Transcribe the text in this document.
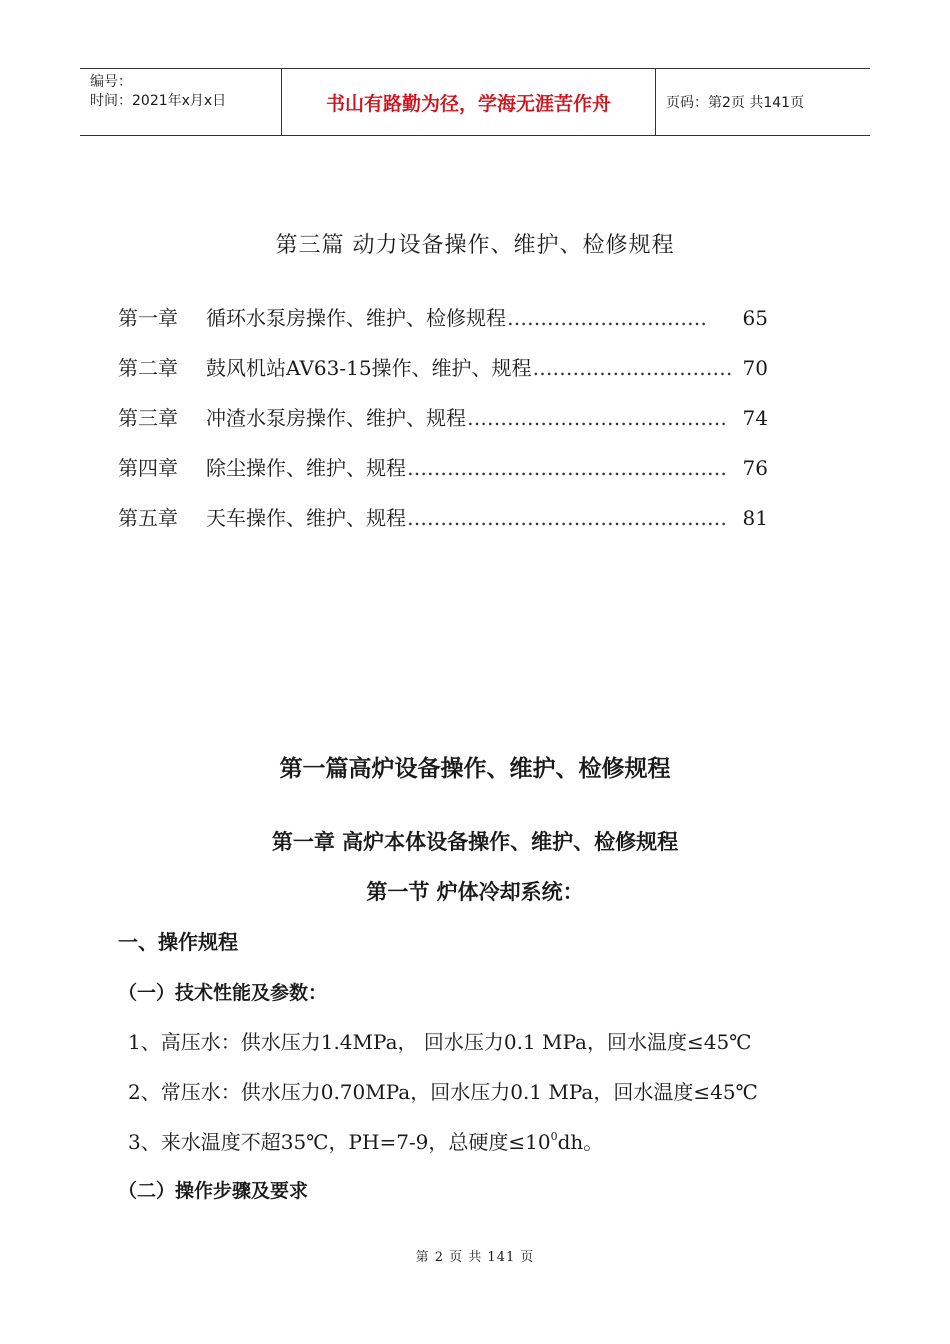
编号：
时间：2021年x月x日	书山有路勤为径，学海无涯苦作舟	页码：第2页 共141页
第三篇 动力设备操作、维护、检修规程
第一章	循环水泵房操作、维护、检修规程 …………………………	65
第二章	鼓风机站AV63-15操作、维护、规程 ………………………… 70
第三章	冲渣水泵房操作、维护、规程 ………………………………… 74
第四章	除尘操作、维护、规程 ………………………………………… 76
第五章	天车操作、维护、规程 ………………………………………… 81
第一篇高炉设备操作、维护、检修规程
第一章 高炉本体设备操作、维护、检修规程
第一节 炉体冷却系统：
一、操作规程
（一）技术性能及参数：
1、高压水：供水压力1.4MPa， 回水压力0.1 MPa，回水温度≤45℃
2、常压水：供水压力0.70MPa，回水压力0.1 MPa，回水温度≤45℃
3、来水温度不超35℃，PH=7-9，总硬度$\le 10^0dh$。
（二）操作步骤及要求
第 2 页 共 141 页
